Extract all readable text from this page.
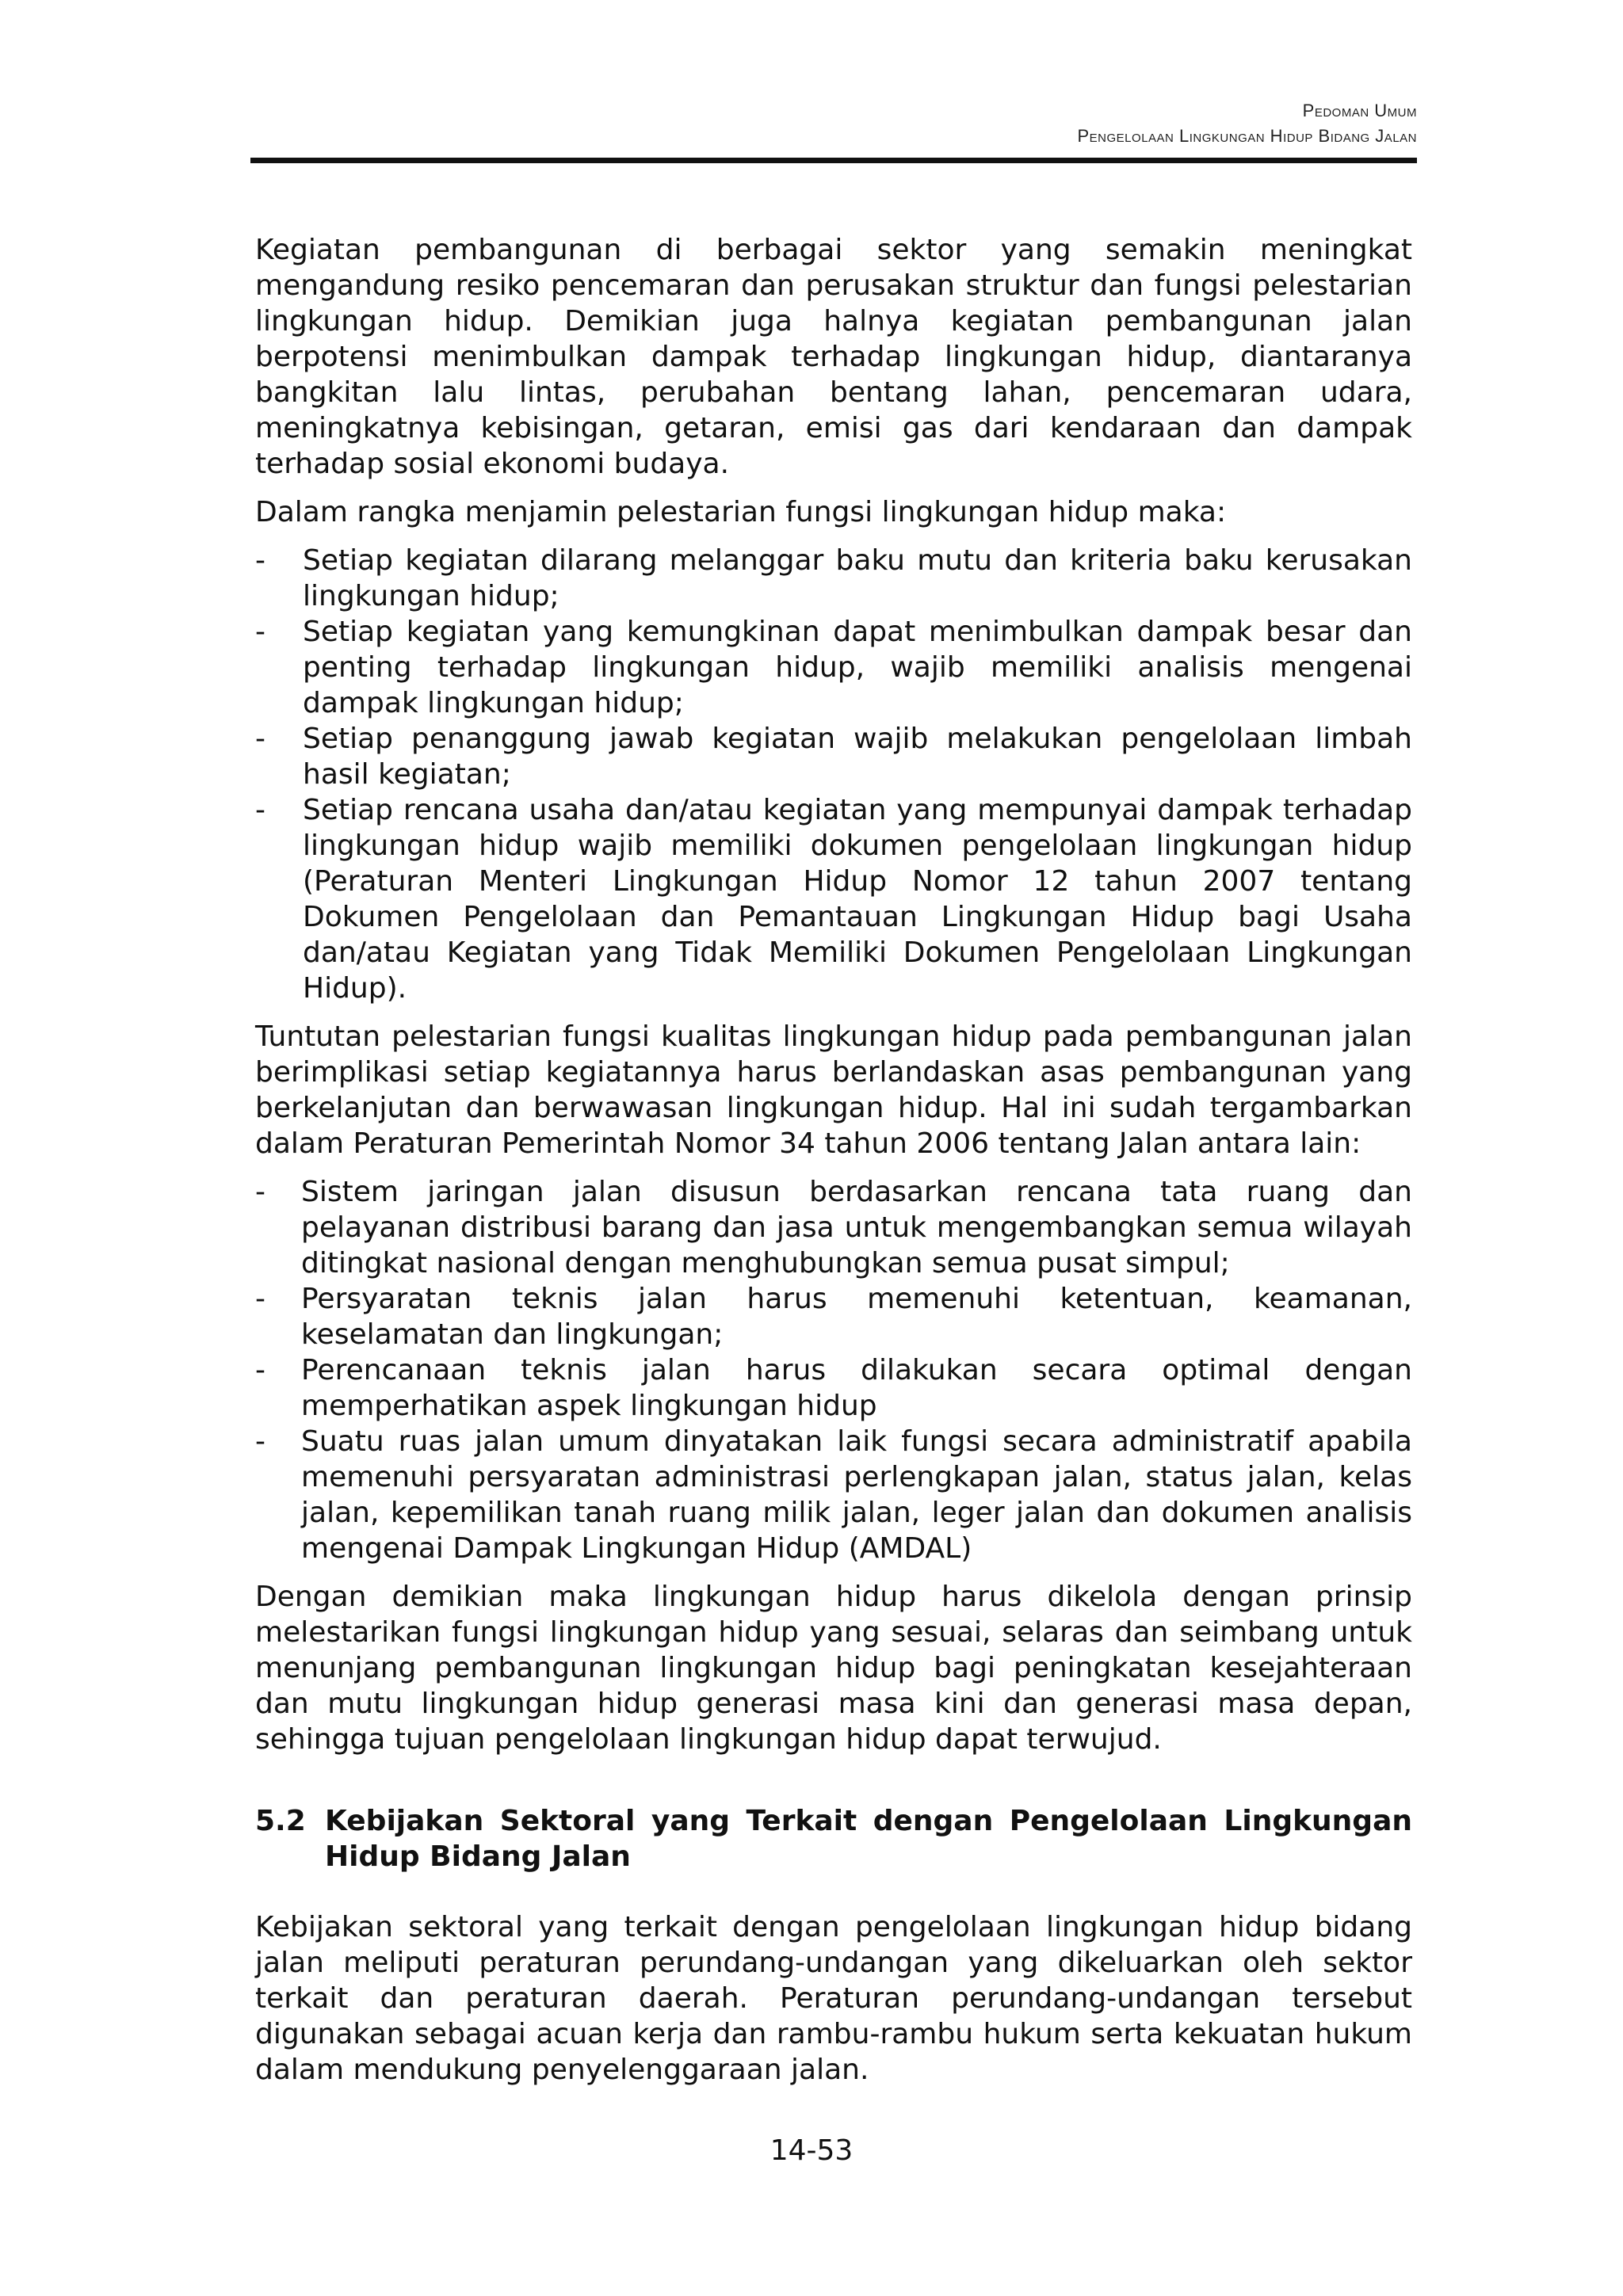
Pedoman Umum
Pengelolaan Lingkungan Hidup Bidang Jalan

Kegiatan pembangunan di berbagai sektor yang semakin meningkat mengandung resiko pencemaran dan perusakan struktur dan fungsi pelestarian lingkungan hidup. Demikian juga halnya kegiatan pembangunan jalan berpotensi menimbulkan dampak terhadap lingkungan hidup, diantaranya bangkitan lalu lintas, perubahan bentang lahan, pencemaran udara, meningkatnya kebisingan, getaran, emisi gas dari kendaraan dan dampak terhadap sosial ekonomi budaya.

Dalam rangka menjamin pelestarian fungsi lingkungan hidup maka:

- Setiap kegiatan dilarang melanggar baku mutu dan kriteria baku kerusakan lingkungan hidup;
- Setiap kegiatan yang kemungkinan dapat menimbulkan dampak besar dan penting terhadap lingkungan hidup, wajib memiliki analisis mengenai dampak lingkungan hidup;
- Setiap penanggung jawab kegiatan wajib melakukan pengelolaan limbah hasil kegiatan;
- Setiap rencana usaha dan/atau kegiatan yang mempunyai dampak terhadap lingkungan hidup wajib memiliki dokumen pengelolaan lingkungan hidup (Peraturan Menteri Lingkungan Hidup Nomor 12 tahun 2007 tentang Dokumen Pengelolaan dan Pemantauan Lingkungan Hidup bagi Usaha dan/atau Kegiatan yang Tidak Memiliki Dokumen Pengelolaan Lingkungan Hidup).

Tuntutan pelestarian fungsi kualitas lingkungan hidup pada pembangunan jalan berimplikasi setiap kegiatannya harus berlandaskan asas pembangunan yang berkelanjutan dan berwawasan lingkungan hidup. Hal ini sudah tergambarkan dalam Peraturan Pemerintah Nomor 34 tahun 2006 tentang Jalan antara lain:

- Sistem jaringan jalan disusun berdasarkan rencana tata ruang dan pelayanan distribusi barang dan jasa untuk mengembangkan semua wilayah ditingkat nasional dengan menghubungkan semua pusat simpul;
- Persyaratan teknis jalan harus memenuhi ketentuan, keamanan, keselamatan dan lingkungan;
- Perencanaan teknis jalan harus dilakukan secara optimal dengan memperhatikan aspek lingkungan hidup
- Suatu ruas jalan umum dinyatakan laik fungsi secara administratif apabila memenuhi persyaratan administrasi perlengkapan jalan, status jalan, kelas jalan, kepemilikan tanah ruang milik jalan, leger jalan dan dokumen analisis mengenai Dampak Lingkungan Hidup (AMDAL)

Dengan demikian maka lingkungan hidup harus dikelola dengan prinsip melestarikan fungsi lingkungan hidup yang sesuai, selaras dan seimbang untuk menunjang pembangunan lingkungan hidup bagi peningkatan kesejahteraan dan mutu lingkungan hidup generasi masa kini dan generasi masa depan, sehingga tujuan pengelolaan lingkungan hidup dapat terwujud.

5.2 Kebijakan Sektoral yang Terkait dengan Pengelolaan Lingkungan Hidup Bidang Jalan

Kebijakan sektoral yang terkait dengan pengelolaan lingkungan hidup bidang jalan meliputi peraturan perundang-undangan yang dikeluarkan oleh sektor terkait dan peraturan daerah. Peraturan perundang-undangan tersebut digunakan sebagai acuan kerja dan rambu-rambu hukum serta kekuatan hukum dalam mendukung penyelenggaraan jalan.

14-53
